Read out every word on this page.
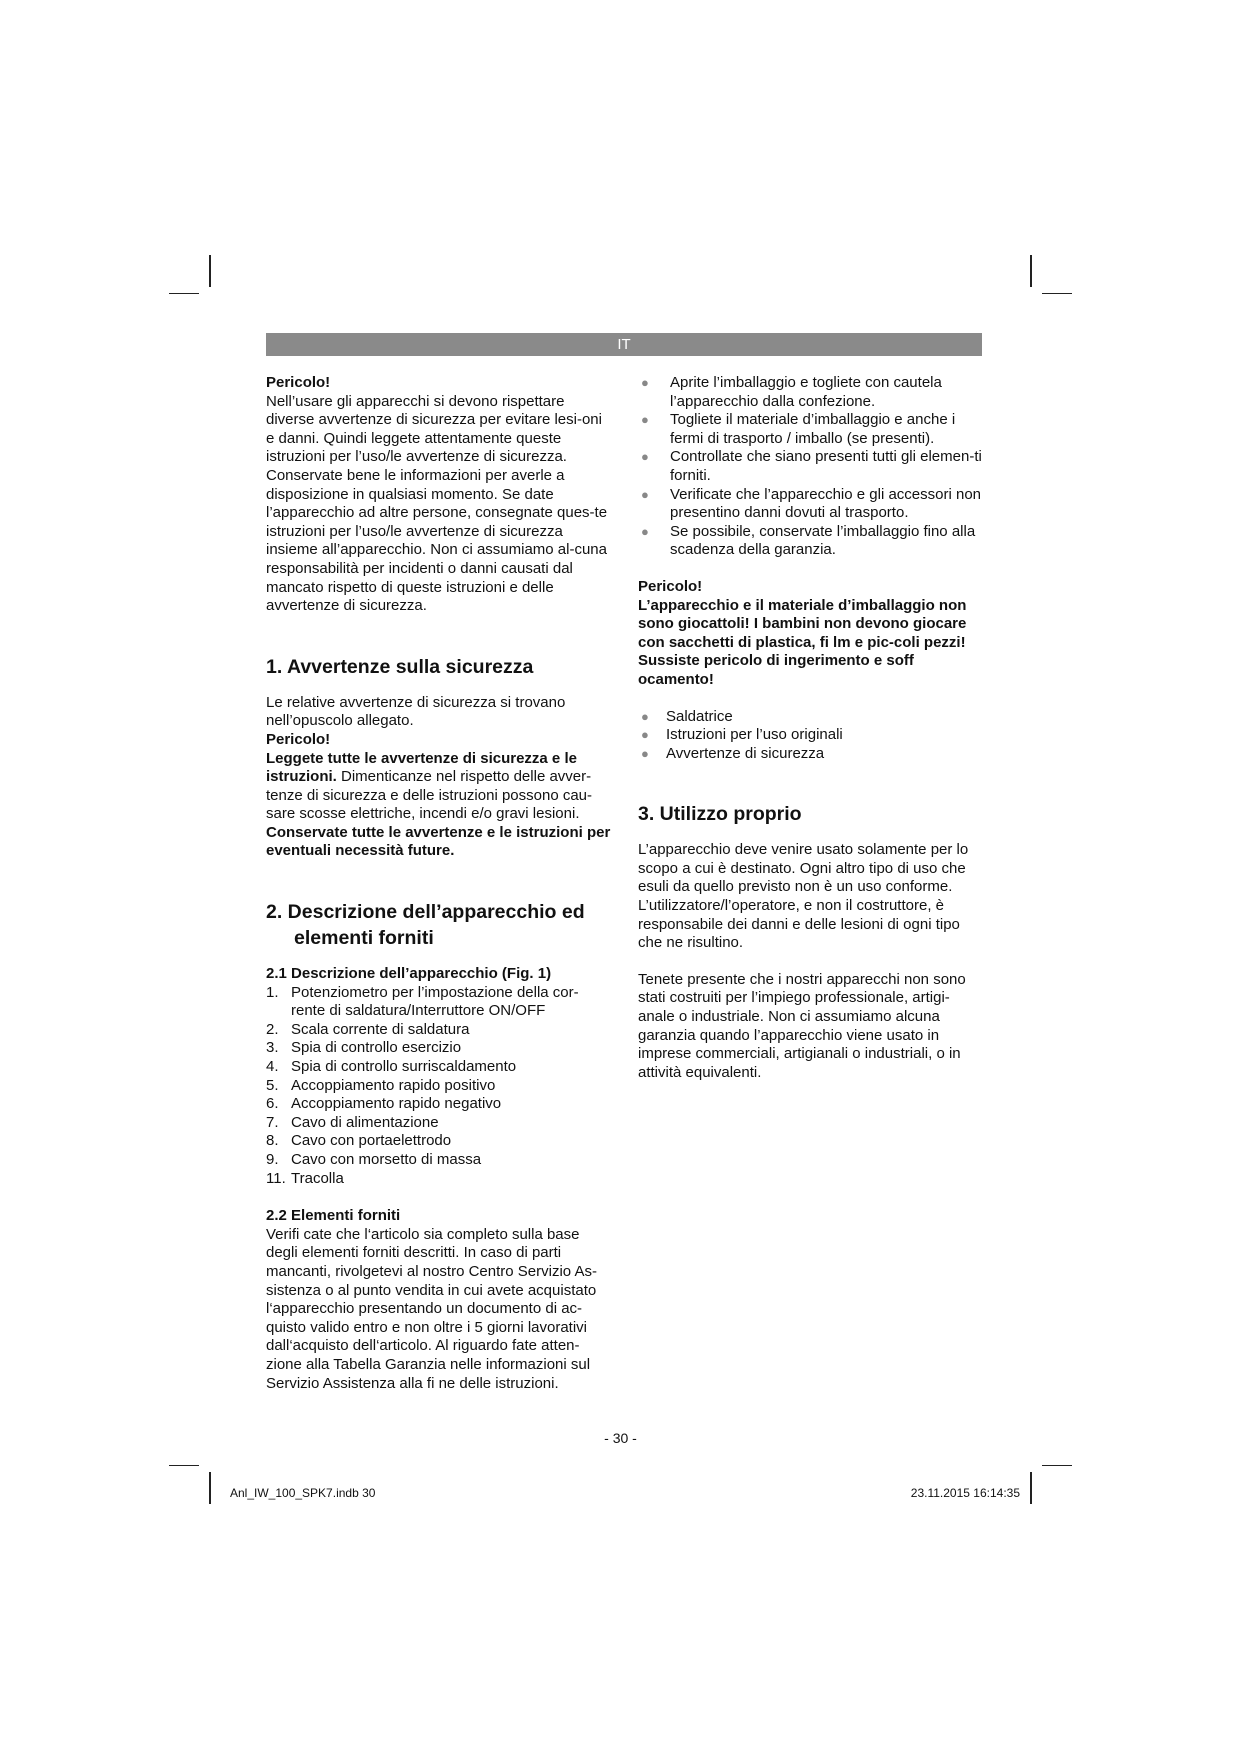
IT

Pericolo!

Nell’usare gli apparecchi si devono rispettare diverse avvertenze di sicurezza per evitare lesi-oni e danni. Quindi leggete attentamente queste istruzioni per l’uso/le avvertenze di sicurezza. Conservate bene le informazioni per averle a disposizione in qualsiasi momento. Se date l’apparecchio ad altre persone, consegnate ques-te istruzioni per l’uso/le avvertenze di sicurezza insieme all’apparecchio. Non ci assumiamo al-cuna responsabilità per incidenti o danni causati dal mancato rispetto di queste istruzioni e delle avvertenze di sicurezza.

1. Avvertenze sulla sicurezza

Le relative avvertenze di sicurezza si trovano nell’opuscolo allegato.

Pericolo!

Leggete tutte le avvertenze di sicurezza e le istruzioni. Dimenticanze nel rispetto delle avver-tenze di sicurezza e delle istruzioni possono cau-sare scosse elettriche, incendi e/o gravi lesioni.

Conservate tutte le avvertenze e le istruzioni per eventuali necessità future.

2. Descrizione dell’apparecchio ed elementi forniti

2.1 Descrizione dell’apparecchio (Fig. 1)

1. Potenziometro per l’impostazione della cor-rente di saldatura/Interruttore ON/OFF
2. Scala corrente di saldatura
3. Spia di controllo esercizio
4. Spia di controllo surriscaldamento
5. Accoppiamento rapido positivo
6. Accoppiamento rapido negativo
7. Cavo di alimentazione
8. Cavo con portaelettrodo
9. Cavo con morsetto di massa
11. Tracolla

2.2 Elementi forniti

Verifi cate che l‘articolo sia completo sulla base degli elementi forniti descritti. In caso di parti mancanti, rivolgetevi al nostro Centro Servizio As-sistenza o al punto vendita in cui avete acquistato l‘apparecchio presentando un documento di ac-quisto valido entro e non oltre i 5 giorni lavorativi dall‘acquisto dell‘articolo. Al riguardo fate atten-zione alla Tabella Garanzia nelle informazioni sul Servizio Assistenza alla fi ne delle istruzioni.

● Aprite l’imballaggio e togliete con cautela l’apparecchio dalla confezione.
● Togliete il materiale d’imballaggio e anche i fermi di trasporto / imballo (se presenti).
● Controllate che siano presenti tutti gli elemen-ti forniti.
● Verificate che l’apparecchio e gli accessori non presentino danni dovuti al trasporto.
● Se possibile, conservate l’imballaggio fino alla scadenza della garanzia.

Pericolo!

L’apparecchio e il materiale d’imballaggio non sono giocattoli! I bambini non devono giocare con sacchetti di plastica, fi lm e pic-coli pezzi! Sussiste pericolo di ingerimento e soff ocamento!

● Saldatrice
● Istruzioni per l’uso originali
● Avvertenze di sicurezza

3. Utilizzo proprio

L’apparecchio deve venire usato solamente per lo scopo a cui è destinato. Ogni altro tipo di uso che esuli da quello previsto non è un uso conforme. L’utilizzatore/l’operatore, e non il costruttore, è responsabile dei danni e delle lesioni di ogni tipo che ne risultino.

Tenete presente che i nostri apparecchi non sono stati costruiti per l’impiego professionale, artigi-anale o industriale. Non ci assumiamo alcuna garanzia quando l’apparecchio viene usato in imprese commerciali, artigianali o industriali, o in attività equivalenti.

- 30 -
Anl_IW_100_SPK7.indb 30	23.11.2015 16:14:35
